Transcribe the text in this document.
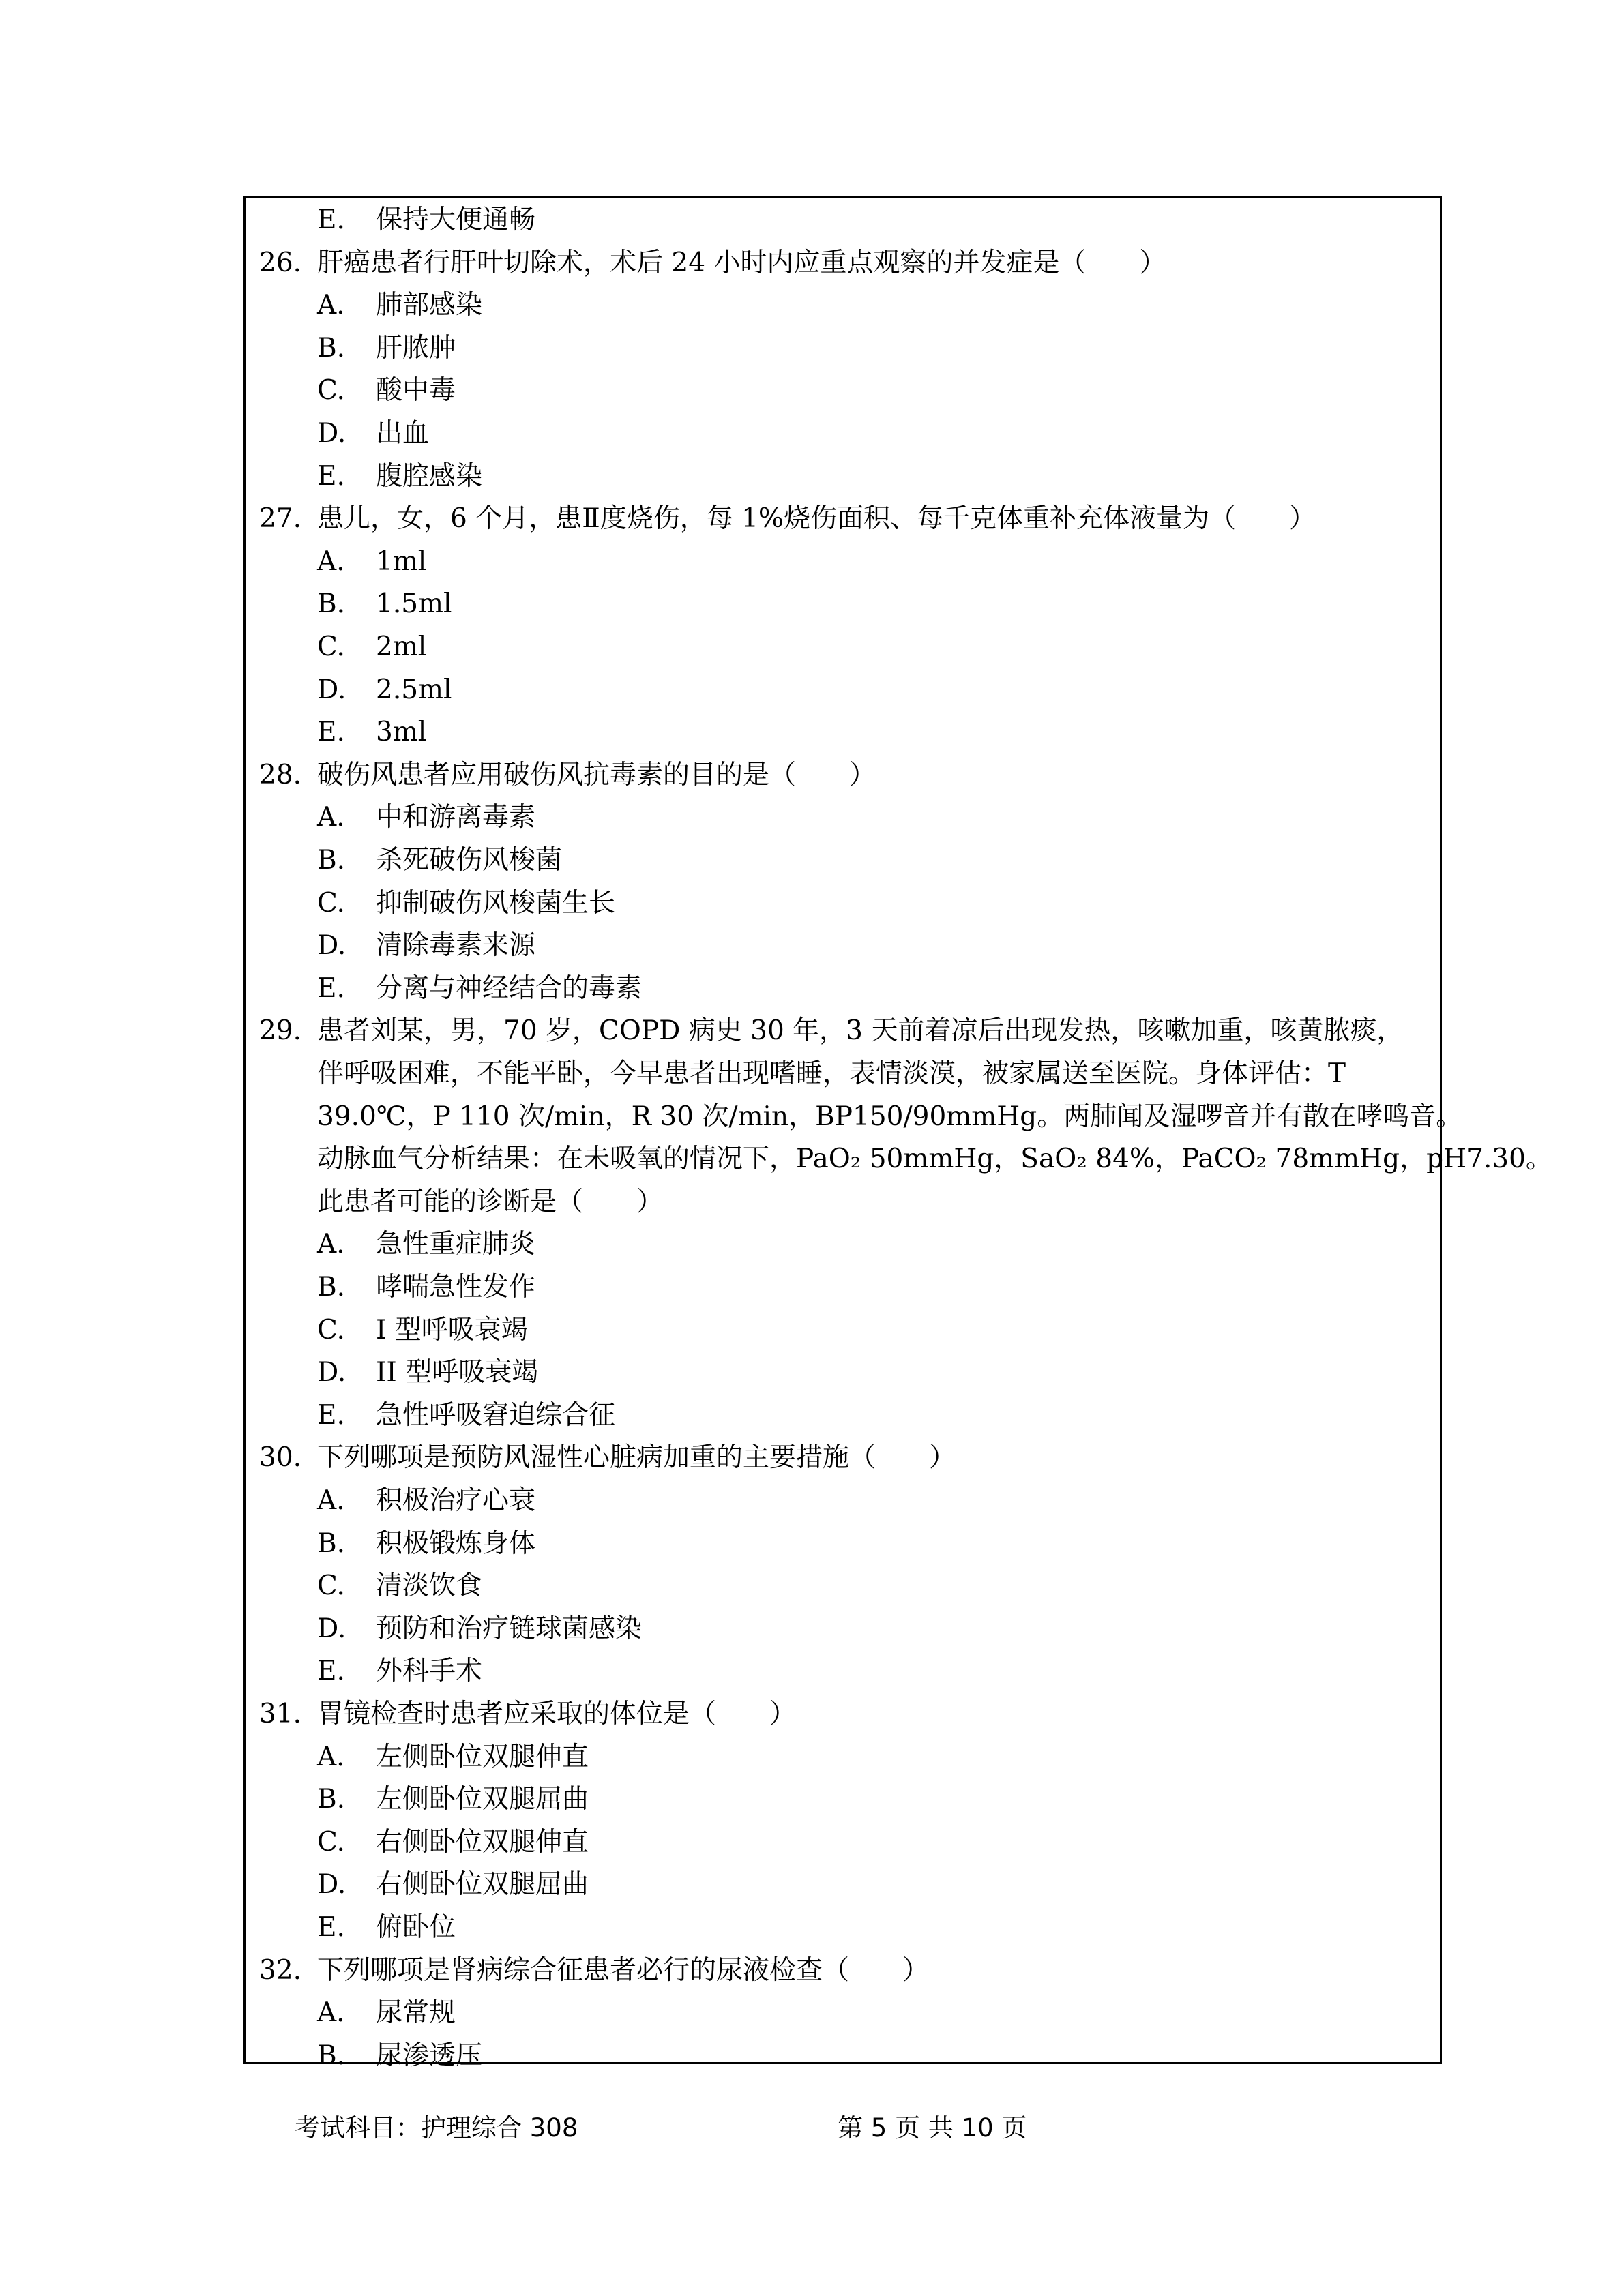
E. 保持大便通畅
26. 肝癌患者行肝叶切除术，术后 24 小时内应重点观察的并发症是（　　）
A. 肺部感染
B. 肝脓肿
C. 酸中毒
D. 出血
E. 腹腔感染
27. 患儿，女，6 个月，患Ⅱ度烧伤，每 1%烧伤面积、每千克体重补充体液量为（　　）
A. 1ml
B. 1.5ml
C. 2ml
D. 2.5ml
E. 3ml
28. 破伤风患者应用破伤风抗毒素的目的是（　　）
A. 中和游离毒素
B. 杀死破伤风梭菌
C. 抑制破伤风梭菌生长
D. 清除毒素来源
E. 分离与神经结合的毒素
29. 患者刘某，男，70 岁，COPD 病史 30 年，3 天前着凉后出现发热，咳嗽加重，咳黄脓痰，
伴呼吸困难，不能平卧，今早患者出现嗜睡，表情淡漠，被家属送至医院。身体评估：T
39.0℃，P 110 次/min，R 30 次/min，BP150/90mmHg。两肺闻及湿啰音并有散在哮鸣音。
动脉血气分析结果：在未吸氧的情况下，PaO₂ 50mmHg，SaO₂ 84%，PaCO₂ 78mmHg，pH7.30。
此患者可能的诊断是（　　）
A. 急性重症肺炎
B. 哮喘急性发作
C. I 型呼吸衰竭
D. II 型呼吸衰竭
E. 急性呼吸窘迫综合征
30. 下列哪项是预防风湿性心脏病加重的主要措施（　　）
A. 积极治疗心衰
B. 积极锻炼身体
C. 清淡饮食
D. 预防和治疗链球菌感染
E. 外科手术
31. 胃镜检查时患者应采取的体位是（　　）
A. 左侧卧位双腿伸直
B. 左侧卧位双腿屈曲
C. 右侧卧位双腿伸直
D. 右侧卧位双腿屈曲
E. 俯卧位
32. 下列哪项是肾病综合征患者必行的尿液检查（　　）
A. 尿常规
B. 尿渗透压
考试科目：护理综合 308	第 5 页 共 10 页
